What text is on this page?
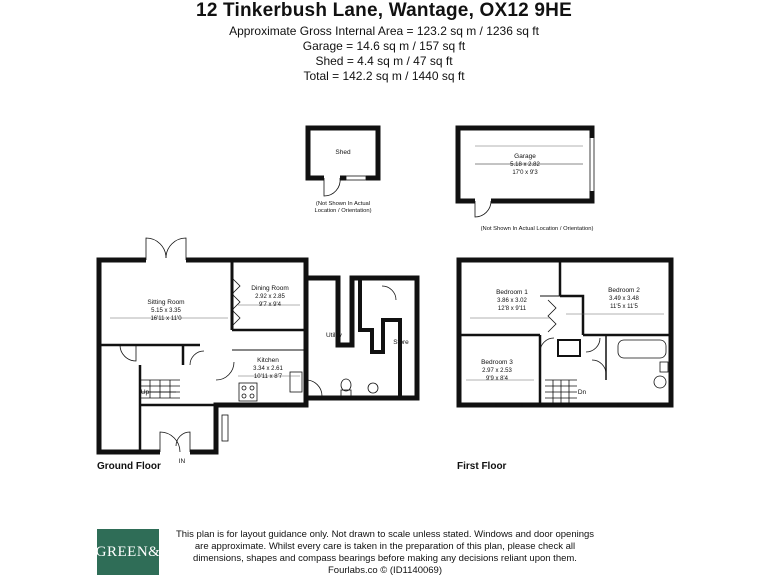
12 Tinkerbush Lane, Wantage, OX12 9HE
Approximate Gross Internal Area = 123.2 sq m / 1236 sq ft
Garage = 14.6 sq m / 157 sq ft
Shed = 4.4 sq m / 47 sq ft
Total = 142.2 sq m / 1440 sq ft
Shed
(Not Shown In Actual
Location / Orientation)
Garage
5.18 x 2.82
17'0 x 9'3
(Not Shown In Actual Location / Orientation)
Sitting Room
5.15 x 3.35
16'11 x 11'0
Dining Room
2.92 x 2.85
9'7 x 9'4
Kitchen
3.34 x 2.61
10'11 x 8'7
Utility
Store
Up
IN
Bedroom 1
3.86 x 3.02
12'8 x 9'11
Bedroom 2
3.49 x 3.48
11'5 x 11'5
Bedroom 3
2.97 x 2.53
9'9 x 8'4
Dn
Ground Floor	First Floor
GREEN&
This plan is for layout guidance only. Not drawn to scale unless stated. Windows and door openings are approximate. Whilst every care is taken in the preparation of this plan, please check all dimensions, shapes and compass bearings before making any decisions reliant upon them.
Fourlabs.co © (ID1140069)
